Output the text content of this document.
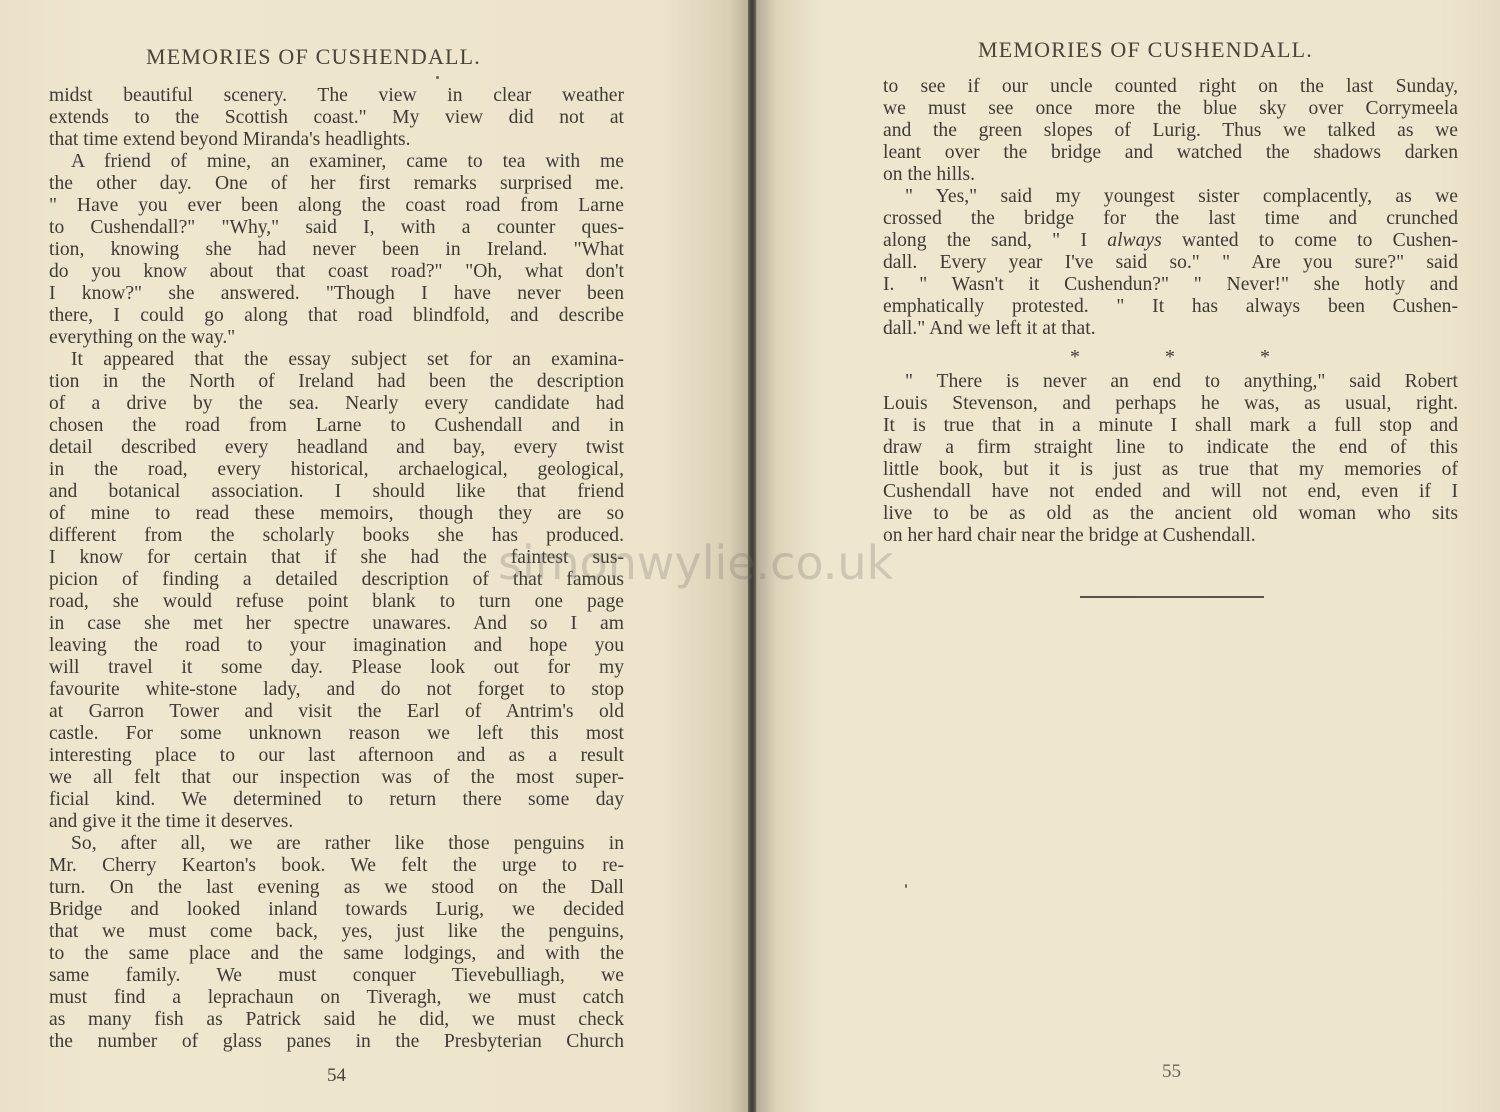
MEMORIES OF CUSHENDALL.
midst beautiful scenery. The view in clear weather
extends to the Scottish coast." My view did not at
that time extend beyond Miranda's headlights.
A friend of mine, an examiner, came to tea with me
the other day. One of her first remarks surprised me.
" Have you ever been along the coast road from Larne
to Cushendall?" "Why," said I, with a counter ques-
tion, knowing she had never been in Ireland. "What
do you know about that coast road?" "Oh, what don't
I know?" she answered. "Though I have never been
there, I could go along that road blindfold, and describe
everything on the way."
It appeared that the essay subject set for an examina-
tion in the North of Ireland had been the description
of a drive by the sea. Nearly every candidate had
chosen the road from Larne to Cushendall and in
detail described every headland and bay, every twist
in the road, every historical, archaelogical, geological,
and botanical association. I should like that friend
of mine to read these memoirs, though they are so
different from the scholarly books she has produced.
I know for certain that if she had the faintest sus-
picion of finding a detailed description of that famous
road, she would refuse point blank to turn one page
in case she met her spectre unawares. And so I am
leaving the road to your imagination and hope you
will travel it some day. Please look out for my
favourite white-stone lady, and do not forget to stop
at Garron Tower and visit the Earl of Antrim's old
castle. For some unknown reason we left this most
interesting place to our last afternoon and as a result
we all felt that our inspection was of the most super-
ficial kind. We determined to return there some day
and give it the time it deserves.
So, after all, we are rather like those penguins in
Mr. Cherry Kearton's book. We felt the urge to re-
turn. On the last evening as we stood on the Dall
Bridge and looked inland towards Lurig, we decided
that we must come back, yes, just like the penguins,
to the same place and the same lodgings, and with the
same family. We must conquer Tievebulliagh, we
must find a leprachaun on Tiveragh, we must catch
as many fish as Patrick said he did, we must check
the number of glass panes in the Presbyterian Church

54

MEMORIES OF CUSHENDALL.
to see if our uncle counted right on the last Sunday,
we must see once more the blue sky over Corrymeela
and the green slopes of Lurig. Thus we talked as we
leant over the bridge and watched the shadows darken
on the hills.
" Yes," said my youngest sister complacently, as we
crossed the bridge for the last time and crunched
along the sand, " I always wanted to come to Cushen-
dall. Every year I've said so." " Are you sure?" said
I. " Wasn't it Cushendun?" " Never!" she hotly and
emphatically protested. " It has always been Cushen-
dall." And we left it at that.
*	*	*
" There is never an end to anything," said Robert
Louis Stevenson, and perhaps he was, as usual, right.
It is true that in a minute I shall mark a full stop and
draw a firm straight line to indicate the end of this
little book, but it is just as true that my memories of
Cushendall have not ended and will not end, even if I
live to be as old as the ancient old woman who sits
on her hard chair near the bridge at Cushendall.

55

simonwylie.co.uk
